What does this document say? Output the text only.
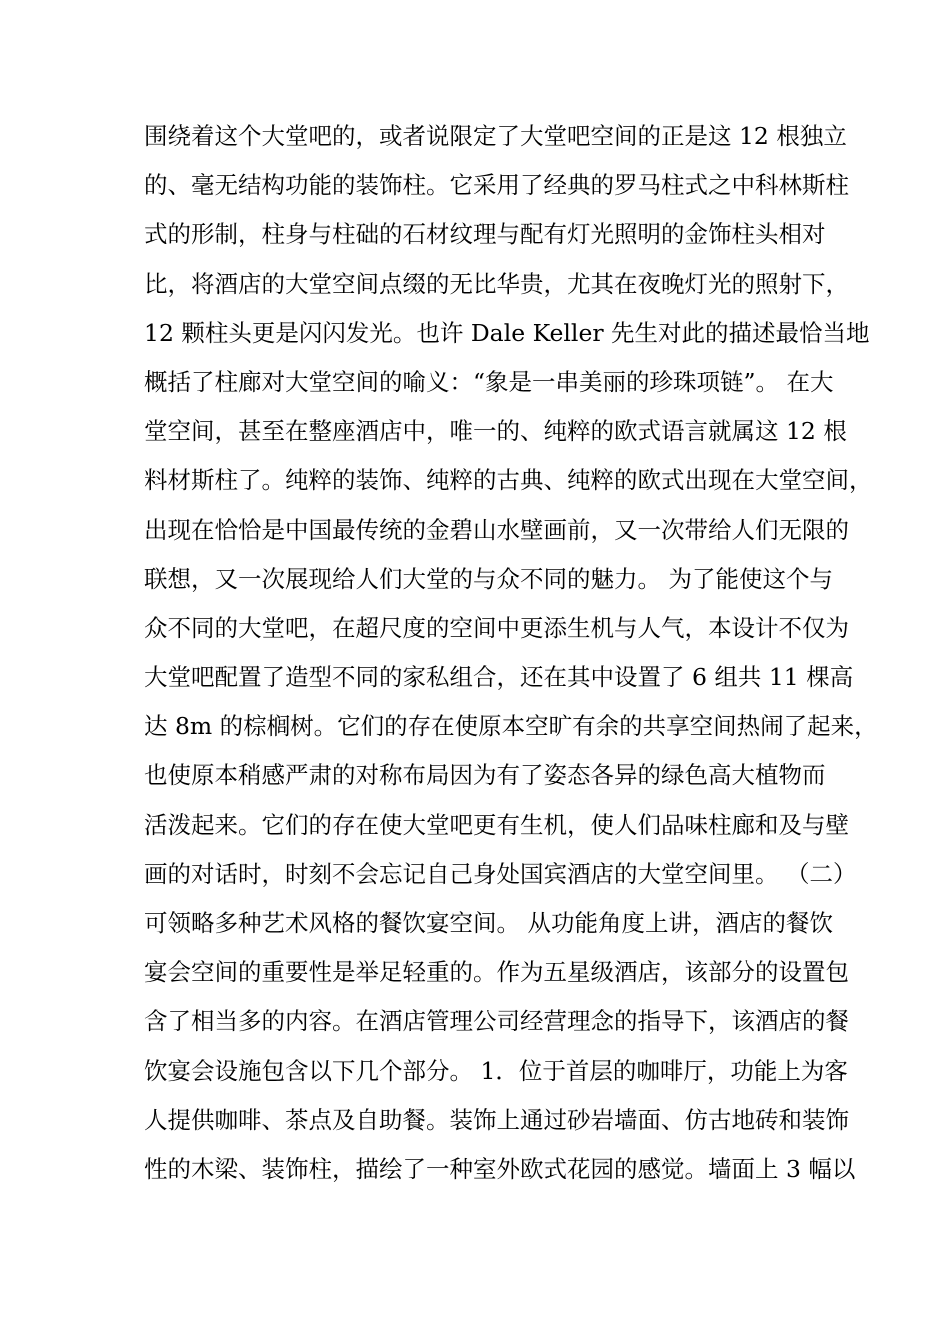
围绕着这个大堂吧的，或者说限定了大堂吧空间的正是这 12 根独立
的、毫无结构功能的装饰柱。它采用了经典的罗马柱式之中科林斯柱
式的形制，柱身与柱础的石材纹理与配有灯光照明的金饰柱头相对
比，将酒店的大堂空间点缀的无比华贵，尤其在夜晚灯光的照射下，
12 颗柱头更是闪闪发光。也许 Dale Keller 先生对此的描述最恰当地
概括了柱廊对大堂空间的喻义：“象是一串美丽的珍珠项链”。 在大
堂空间，甚至在整座酒店中，唯一的、纯粹的欧式语言就属这 12 根
料材斯柱了。纯粹的装饰、纯粹的古典、纯粹的欧式出现在大堂空间，
出现在恰恰是中国最传统的金碧山水壁画前，又一次带给人们无限的
联想，又一次展现给人们大堂的与众不同的魅力。 为了能使这个与
众不同的大堂吧，在超尺度的空间中更添生机与人气，本设计不仅为
大堂吧配置了造型不同的家私组合，还在其中设置了 6 组共 11 棵高
达 8m 的棕榈树。它们的存在使原本空旷有余的共享空间热闹了起来，
也使原本稍感严肃的对称布局因为有了姿态各异的绿色高大植物而
活泼起来。它们的存在使大堂吧更有生机，使人们品味柱廊和及与壁
画的对话时，时刻不会忘记自己身处国宾酒店的大堂空间里。 （二）
可领略多种艺术风格的餐饮宴空间。 从功能角度上讲，酒店的餐饮
宴会空间的重要性是举足轻重的。作为五星级酒店，该部分的设置包
含了相当多的内容。在酒店管理公司经营理念的指导下，该酒店的餐
饮宴会设施包含以下几个部分。 1．位于首层的咖啡厅，功能上为客
人提供咖啡、茶点及自助餐。装饰上通过砂岩墙面、仿古地砖和装饰
性的木梁、装饰柱，描绘了一种室外欧式花园的感觉。墙面上 3 幅以
